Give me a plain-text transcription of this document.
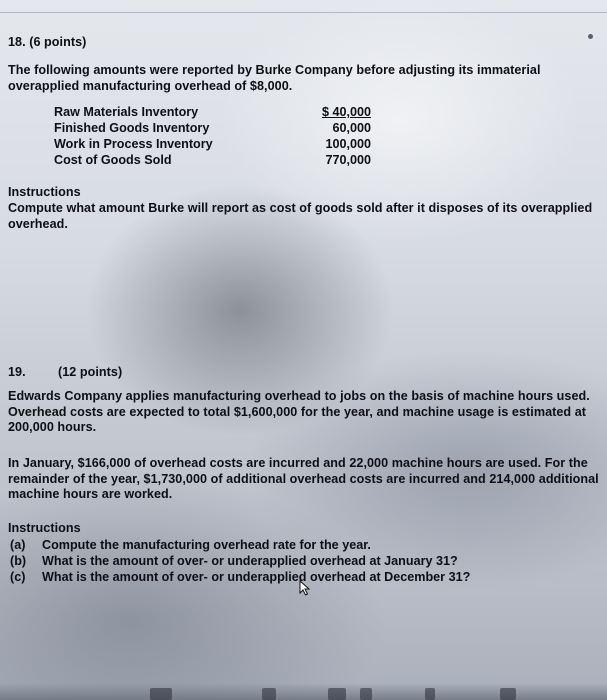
18. (6 points)
The following amounts were reported by Burke Company before adjusting its immaterial overapplied manufacturing overhead of $8,000.
Raw Materials Inventory	$ 40,000
Finished Goods Inventory	60,000
Work in Process Inventory	100,000
Cost of Goods Sold	770,000
Instructions
Compute what amount Burke will report as cost of goods sold after it disposes of its overapplied overhead.
19.	(12 points)
Edwards Company applies manufacturing overhead to jobs on the basis of machine hours used. Overhead costs are expected to total $1,600,000 for the year, and machine usage is estimated at 200,000 hours.
In January, $166,000 of overhead costs are incurred and 22,000 machine hours are used. For the remainder of the year, $1,730,000 of additional overhead costs are incurred and 214,000 additional machine hours are worked.
Instructions
(a) Compute the manufacturing overhead rate for the year.
(b) What is the amount of over- or underapplied overhead at January 31?
(c) What is the amount of over- or underapplied overhead at December 31?
